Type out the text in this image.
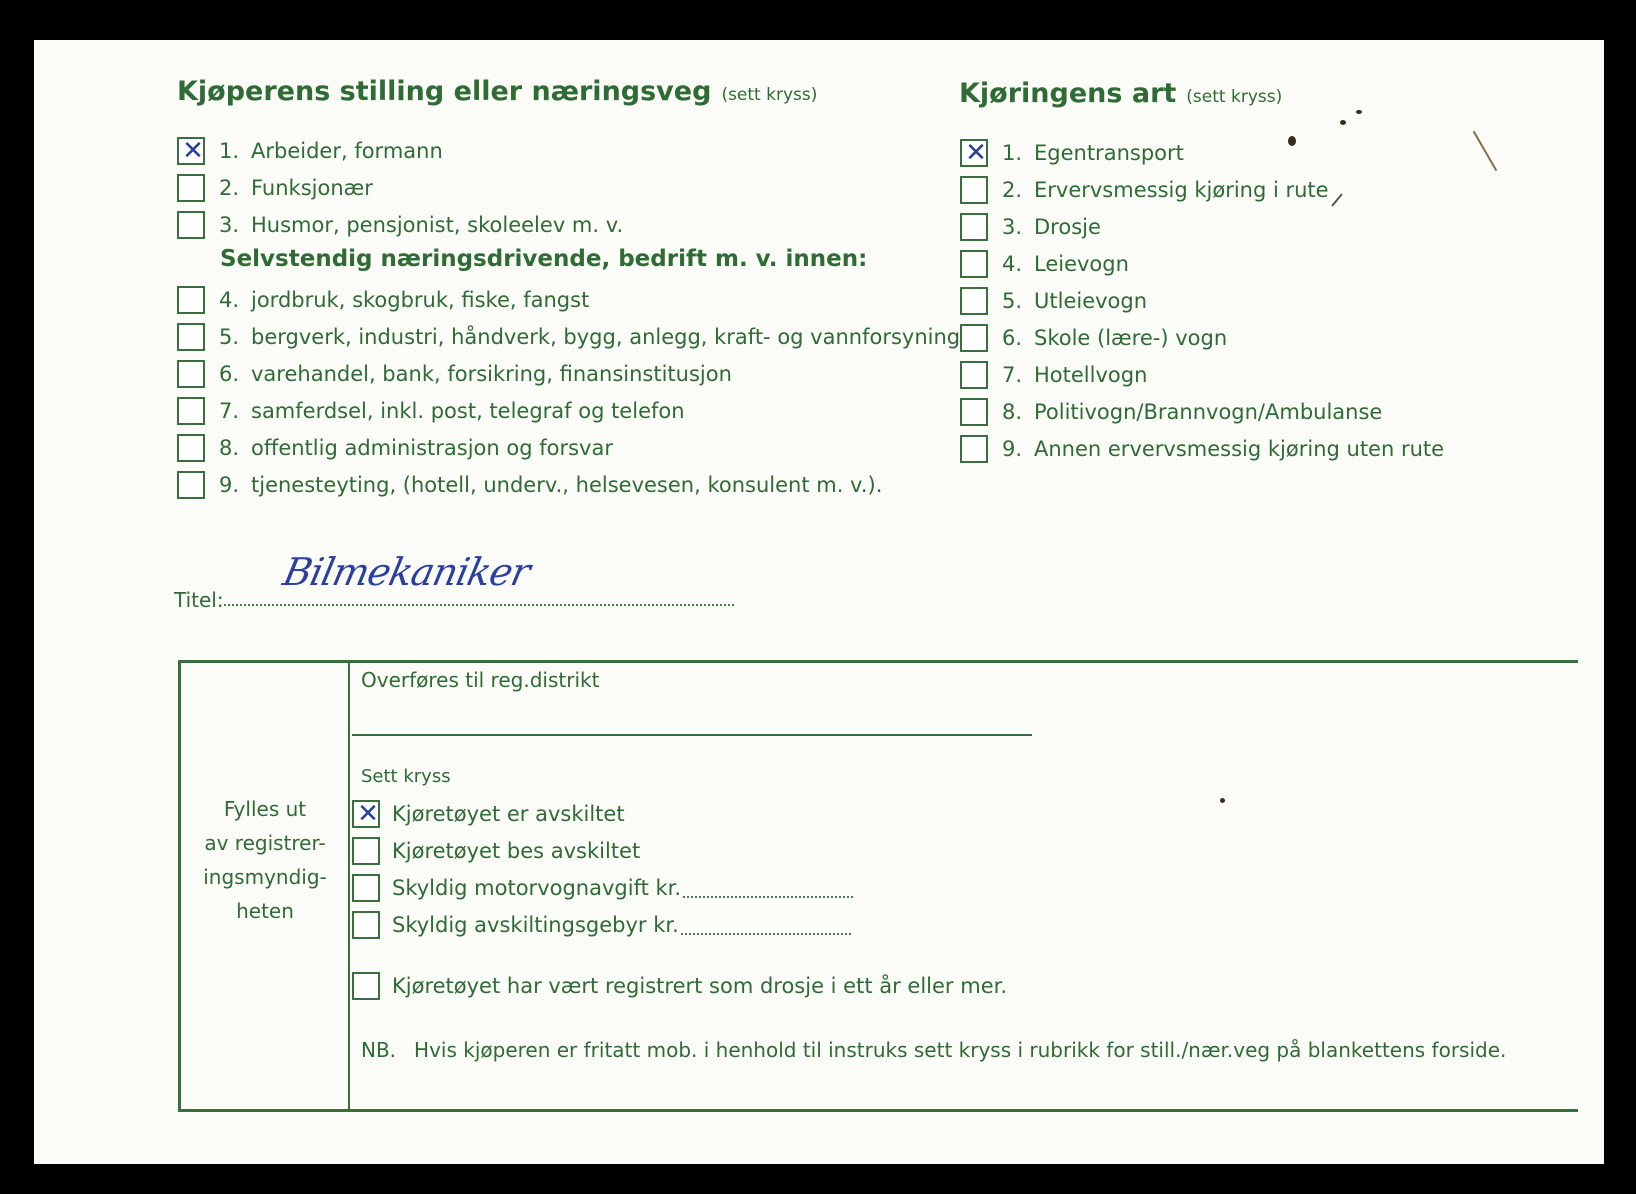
Kjøperens stilling eller næringsveg (sett kryss)
✕ 1. Arbeider, formann
2. Funksjonær
3. Husmor, pensjonist, skoleelev m. v.
Selvstendig næringsdrivende, bedrift m. v. innen:
4. jordbruk, skogbruk, fiske, fangst
5. bergverk, industri, håndverk, bygg, anlegg, kraft- og vannforsyning
6. varehandel, bank, forsikring, finansinstitusjon
7. samferdsel, inkl. post, telegraf og telefon
8. offentlig administrasjon og forsvar
9. tjenesteyting, (hotell, underv., helsevesen, konsulent m. v.).
Kjøringens art (sett kryss)
✕ 1. Egentransport
2. Ervervsmessig kjøring i rute
3. Drosje
4. Leievogn
5. Utleievogn
6. Skole (lære-) vogn
7. Hotellvogn
8. Politivogn/Brannvogn/Ambulanse
9. Annen ervervsmessig kjøring uten rute
Titel:
Bilmekaniker
Fylles ut
av registrer-
ingsmyndig-
heten
Overføres til reg.distrikt
Sett kryss
✕ Kjøretøyet er avskiltet
Kjøretøyet bes avskiltet
Skyldig motorvognavgift kr.
Skyldig avskiltingsgebyr kr.
Kjøretøyet har vært registrert som drosje i ett år eller mer.
NB. Hvis kjøperen er fritatt mob. i henhold til instruks sett kryss i rubrikk for still./nær.veg på blankettens forside.
